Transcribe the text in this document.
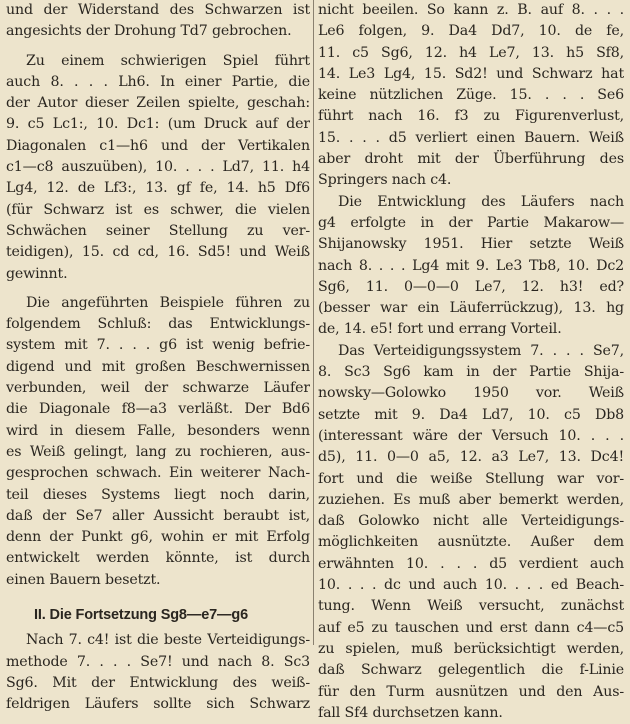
und der Widerstand des Schwarzen ist
angesichts der Drohung Td7 gebrochen.
Zu einem schwierigen Spiel führt
auch 8. . . . Lh6. In einer Partie, die
der Autor dieser Zeilen spielte, geschah:
9. c5 Lc1:, 10. Dc1: (um Druck auf der
Diagonalen c1—h6 und der Vertikalen
c1—c8 auszuüben), 10. . . . Ld7, 11. h4
Lg4, 12. de Lf3:, 13. gf fe, 14. h5 Df6
(für Schwarz ist es schwer, die vielen
Schwächen seiner Stellung zu ver-
teidigen), 15. cd cd, 16. Sd5! und Weiß
gewinnt.
Die angeführten Beispiele führen zu
folgendem Schluß: das Entwicklungs-
system mit 7. . . . g6 ist wenig befrie-
digend und mit großen Beschwernissen
verbunden, weil der schwarze Läufer
die Diagonale f8—a3 verläßt. Der Bd6
wird in diesem Falle, besonders wenn
es Weiß gelingt, lang zu rochieren, aus-
gesprochen schwach. Ein weiterer Nach-
teil dieses Systems liegt noch darin,
daß der Se7 aller Aussicht beraubt ist,
denn der Punkt g6, wohin er mit Erfolg
entwickelt werden könnte, ist durch
einen Bauern besetzt.
II. Die Fortsetzung Sg8—e7—g6
Nach 7. c4! ist die beste Verteidigungs-
methode 7. . . . Se7! und nach 8. Sc3
Sg6. Mit der Entwicklung des weiß-
feldrigen Läufers sollte sich Schwarz
nicht beeilen. So kann z. B. auf 8. . . .
Le6 folgen, 9. Da4 Dd7, 10. de fe,
11. c5 Sg6, 12. h4 Le7, 13. h5 Sf8,
14. Le3 Lg4, 15. Sd2! und Schwarz hat
keine nützlichen Züge. 15. . . . Se6
führt nach 16. f3 zu Figurenverlust,
15. . . . d5 verliert einen Bauern. Weiß
aber droht mit der Überführung des
Springers nach c4.
Die Entwicklung des Läufers nach
g4 erfolgte in der Partie Makarow—
Shijanowsky 1951. Hier setzte Weiß
nach 8. . . . Lg4 mit 9. Le3 Tb8, 10. Dc2
Sg6, 11. 0—0—0 Le7, 12. h3! ed?
(besser war ein Läuferrückzug), 13. hg
de, 14. e5! fort und errang Vorteil.
Das Verteidigungssystem 7. . . . Se7,
8. Sc3 Sg6 kam in der Partie Shija-
nowsky—Golowko 1950 vor. Weiß
setzte mit 9. Da4 Ld7, 10. c5 Db8
(interessant wäre der Versuch 10. . . .
d5), 11. 0—0 a5, 12. a3 Le7, 13. Dc4!
fort und die weiße Stellung war vor-
zuziehen. Es muß aber bemerkt werden,
daß Golowko nicht alle Verteidigungs-
möglichkeiten ausnützte. Außer dem
erwähnten 10. . . . d5 verdient auch
10. . . . dc und auch 10. . . . ed Beach-
tung. Wenn Weiß versucht, zunächst
auf e5 zu tauschen und erst dann c4—c5
zu spielen, muß berücksichtigt werden,
daß Schwarz gelegentlich die f-Linie
für den Turm ausnützen und den Aus-
fall Sf4 durchsetzen kann.
